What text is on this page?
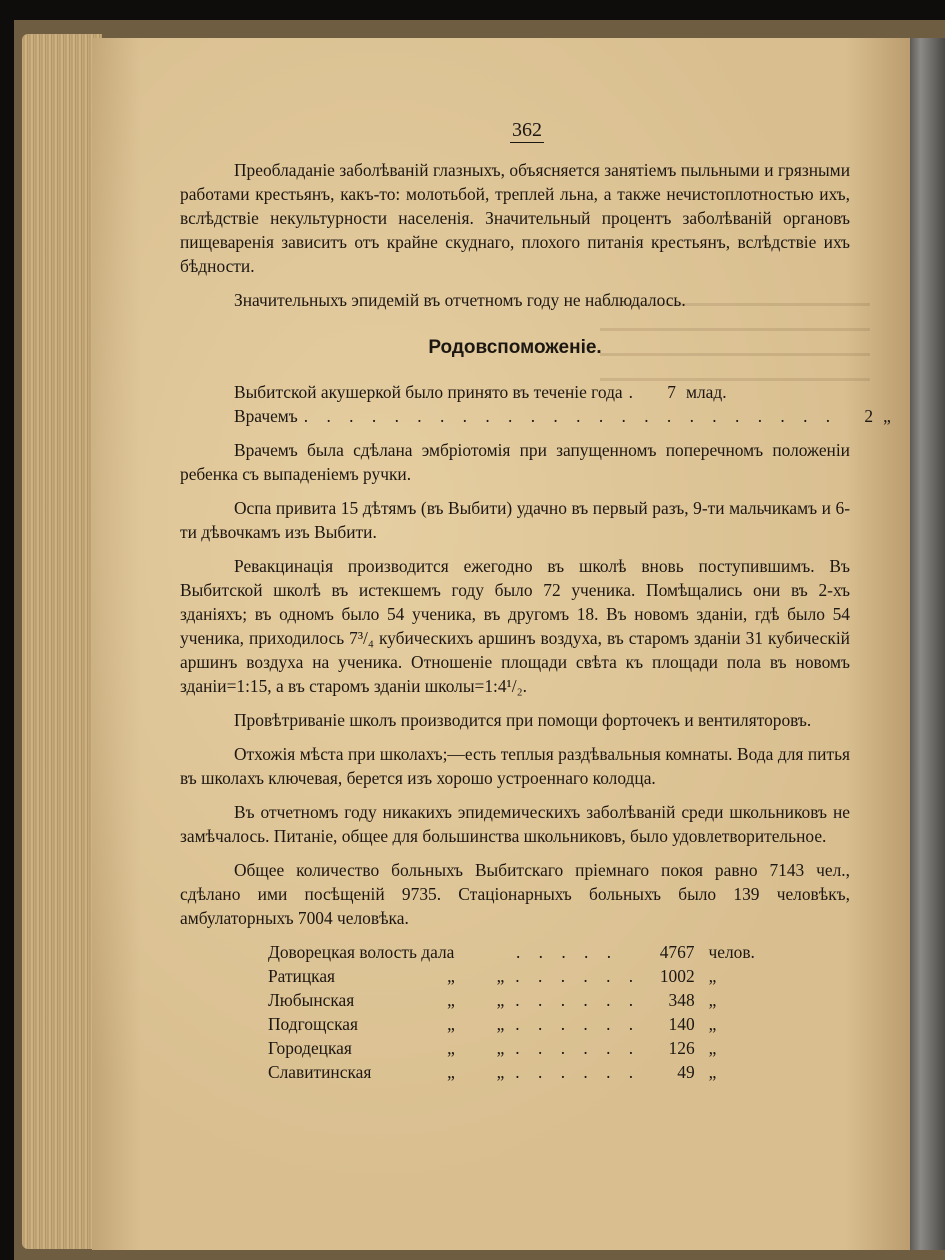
362

Преобладаніе заболѣваній глазныхъ, объясняется занятіемъ пыльными и грязными работами крестьянъ, какъ-то: молотьбой, треплей льна, а также нечистоплотностью ихъ, вслѣдствіе некультурности населенія. Значительный процентъ заболѣваній органовъ пищеваренія зависитъ отъ крайне скуднаго, плохого питанія крестьянъ, вслѣдствіе ихъ бѣдности.

Значительныхъ эпидемій въ отчетномъ году не наблюдалось.

Родовспоможеніе.

Выбитской акушеркой было принято въ теченіе года .	7 млад.
Врачемъ . . . . . . . . . . . . . . . . . . . . . . . .	2 „

Врачемъ была сдѣлана эмбріотомія при запущенномъ поперечномъ положеніи ребенка съ выпаденіемъ ручки.

Оспа привита 15 дѣтямъ (въ Выбити) удачно въ первый разъ, 9-ти мальчикамъ и 6-ти дѣвочкамъ изъ Выбити.

Ревакцинація производится ежегодно въ школѣ вновь поступившимъ. Въ Выбитской школѣ въ истекшемъ году было 72 ученика. Помѣщались они въ 2-хъ зданіяхъ; въ одномъ было 54 ученика, въ другомъ 18. Въ новомъ зданіи, гдѣ было 54 ученика, приходилось 7³/₄ кубическихъ аршинъ воздуха, въ старомъ зданіи 31 кубическій аршинъ воздуха на ученика. Отношеніе площади свѣта къ площади пола въ новомъ зданіи=1:15, а въ старомъ зданіи школы=1:4¹/₂.

Провѣтриваніе школъ производится при помощи форточекъ и вентиляторовъ.

Отхожія мѣста при школахъ;—есть теплыя раздѣвальныя комнаты. Вода для питья въ школахъ ключевая, берется изъ хорошо устроеннаго колодца.

Въ отчетномъ году никакихъ эпидемическихъ заболѣваній среди школьниковъ не замѣчалось. Питаніе, общее для большинства школьниковъ, было удовлетворительное.

Общее количество больныхъ Выбитскаго пріемнаго покоя равно 7143 чел., сдѣлано ими посѣщеній 9735. Стаціонарныхъ больныхъ было 139 человѣкъ, амбулаторныхъ 7004 человѣка.

Доворецкая волость дала	. . . . .	4767 челов.
Ратицкая	„	„ . . . . . .	1002 „
Любынская	„	„ . . . . . .	348 „
Подгощская	„	„ . . . . . .	140 „
Городецкая	„	„ . . . . . .	126 „
Славитинская	„	„ . . . . . .	49 „
